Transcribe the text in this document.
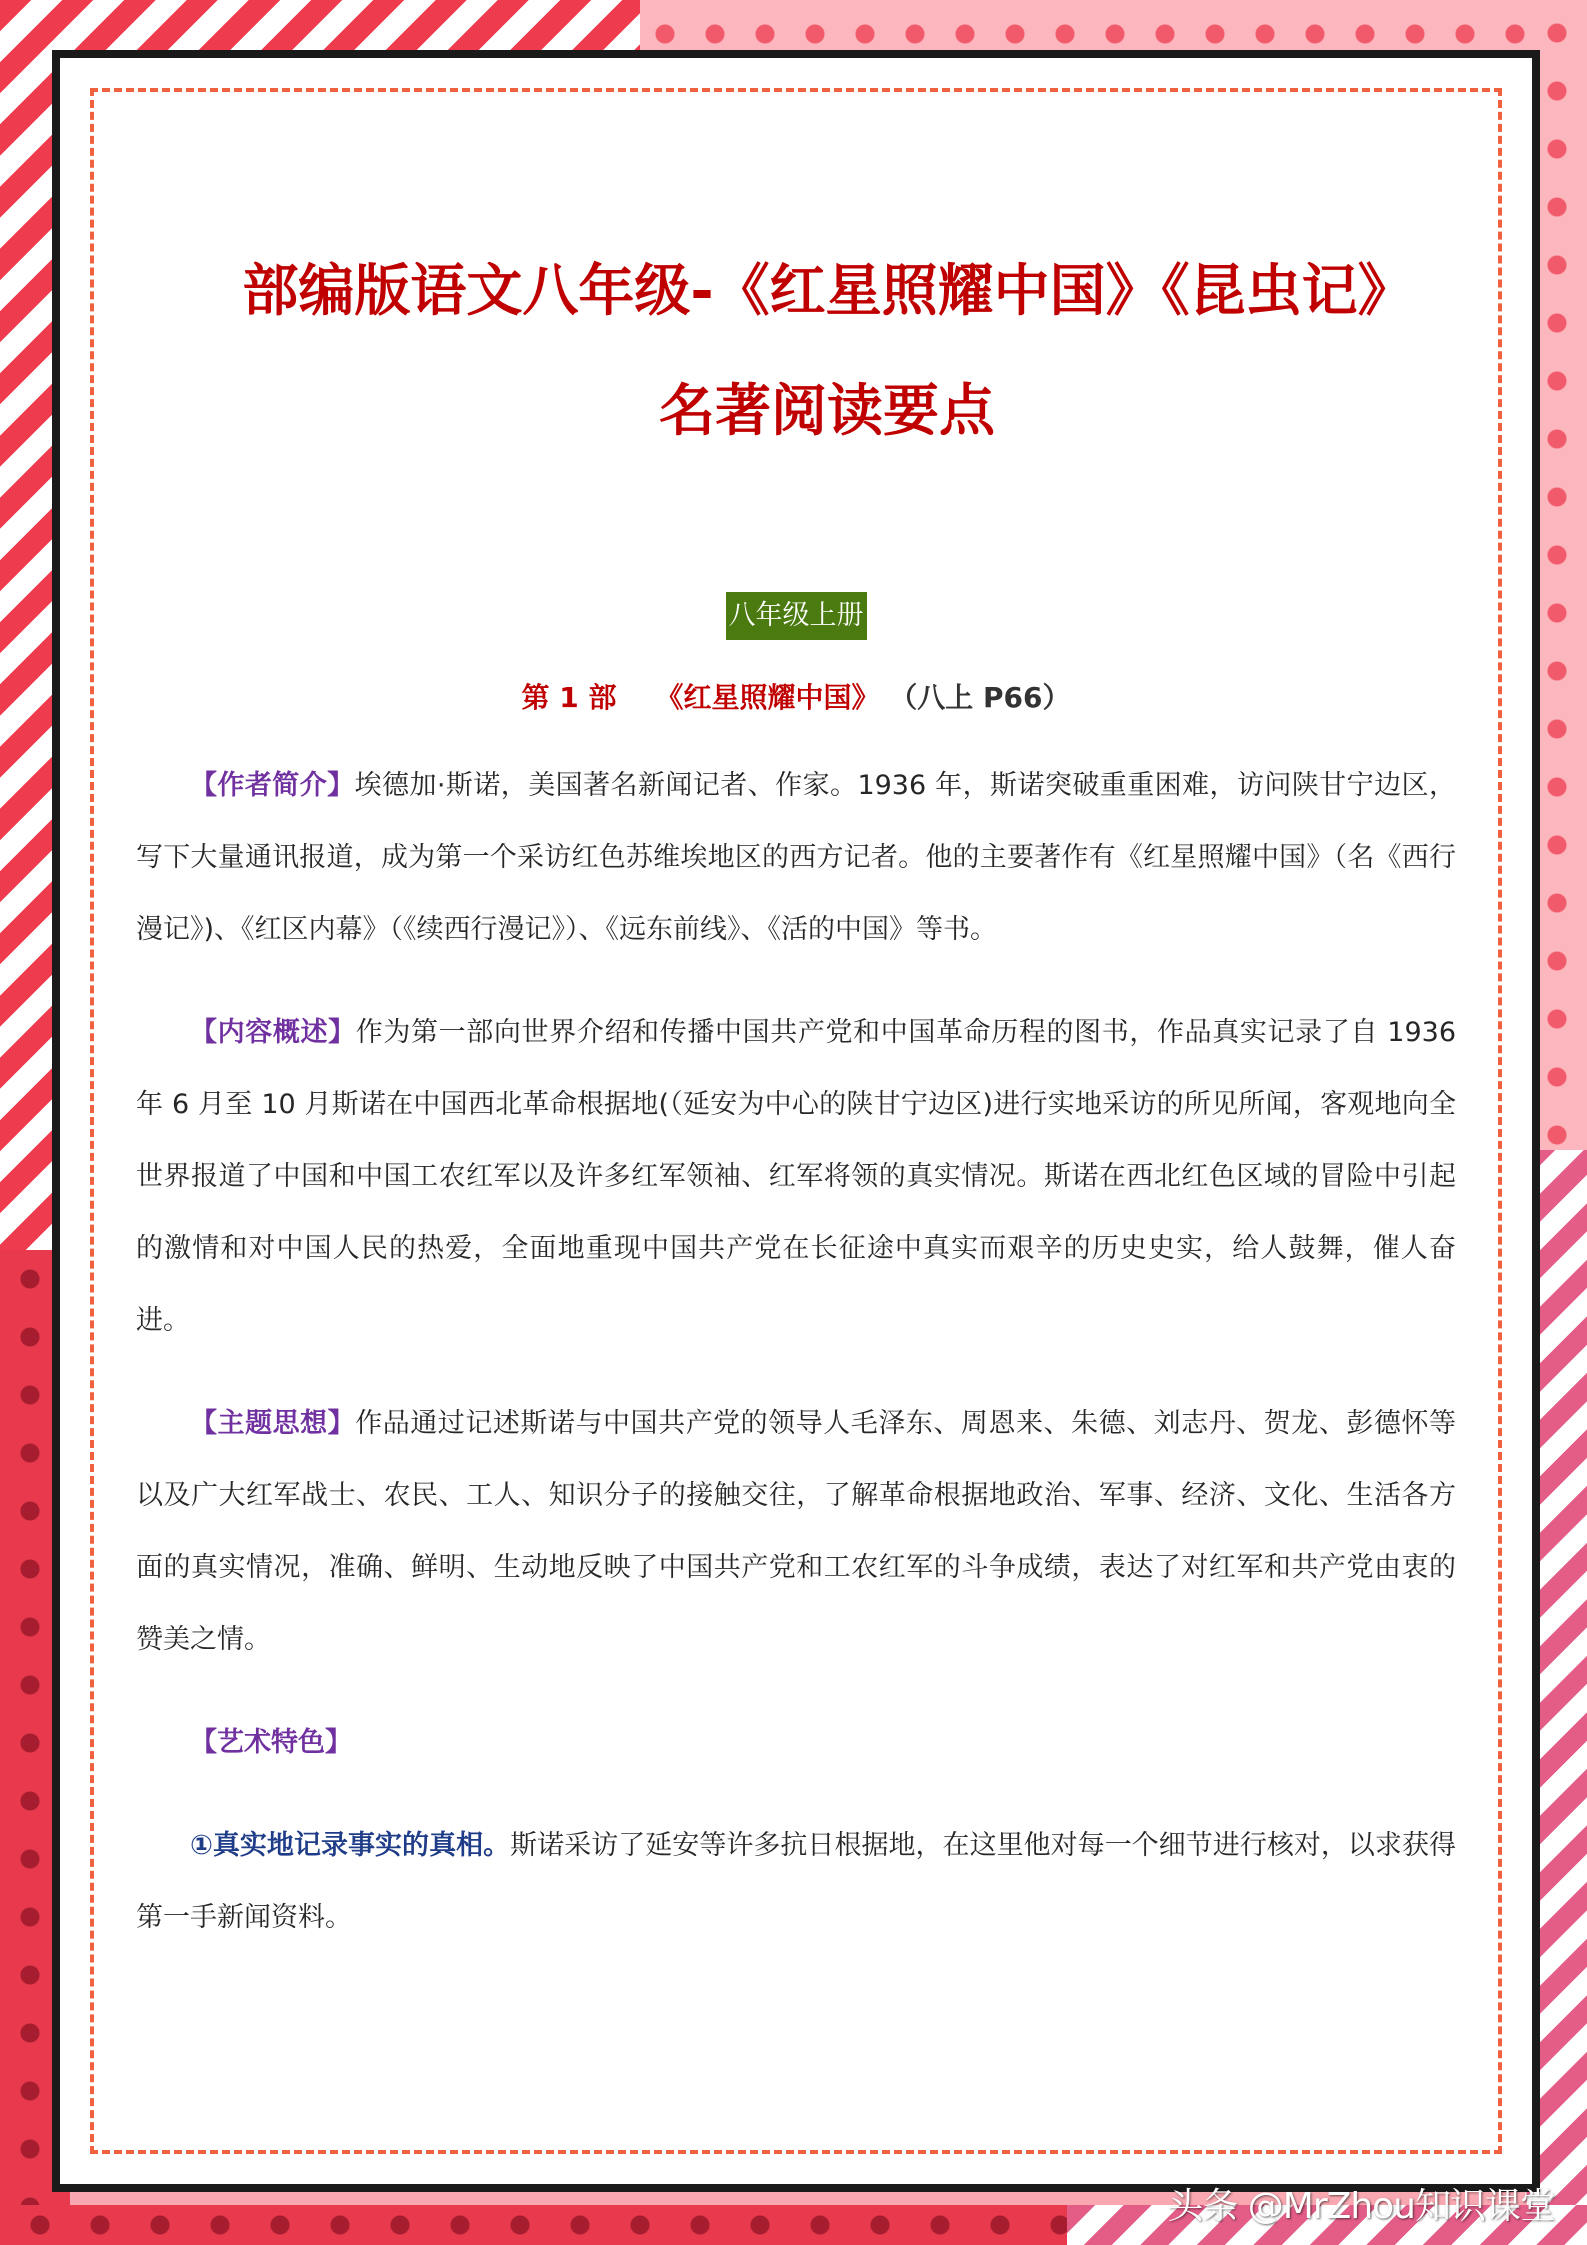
部编版语文八年级-《红星照耀中国》《昆虫记》
名著阅读要点
八年级上册
第 1 部 《红星照耀中国》 （八上 P66）

【作者简介】埃德加·斯诺，美国著名新闻记者、作家。1936 年，斯诺突破重重困难，访问陕甘宁边区，写下大量通讯报道，成为第一个采访红色苏维埃地区的西方记者。他的主要著作有《红星照耀中国》（名《西行漫记》)、《红区内幕》（《续西行漫记》）、《远东前线》、《活的中国》等书。

【内容概述】作为第一部向世界介绍和传播中国共产党和中国革命历程的图书，作品真实记录了自 1936 年 6 月至 10 月斯诺在中国西北革命根据地(（延安为中心的陕甘宁边区)进行实地采访的所见所闻，客观地向全世界报道了中国和中国工农红军以及许多红军领袖、红军将领的真实情况。斯诺在西北红色区域的冒险中引起的激情和对中国人民的热爱，全面地重现中国共产党在长征途中真实而艰辛的历史史实，给人鼓舞，催人奋进。

【主题思想】作品通过记述斯诺与中国共产党的领导人毛泽东、周恩来、朱德、刘志丹、贺龙、彭德怀等以及广大红军战士、农民、工人、知识分子的接触交往，了解革命根据地政治、军事、经济、文化、生活各方面的真实情况，准确、鲜明、生动地反映了中国共产党和工农红军的斗争成绩，表达了对红军和共产党由衷的赞美之情。

【艺术特色】

①真实地记录事实的真相。斯诺采访了延安等许多抗日根据地，在这里他对每一个细节进行核对，以求获得第一手新闻资料。

头条 @MrZhou知识课堂
